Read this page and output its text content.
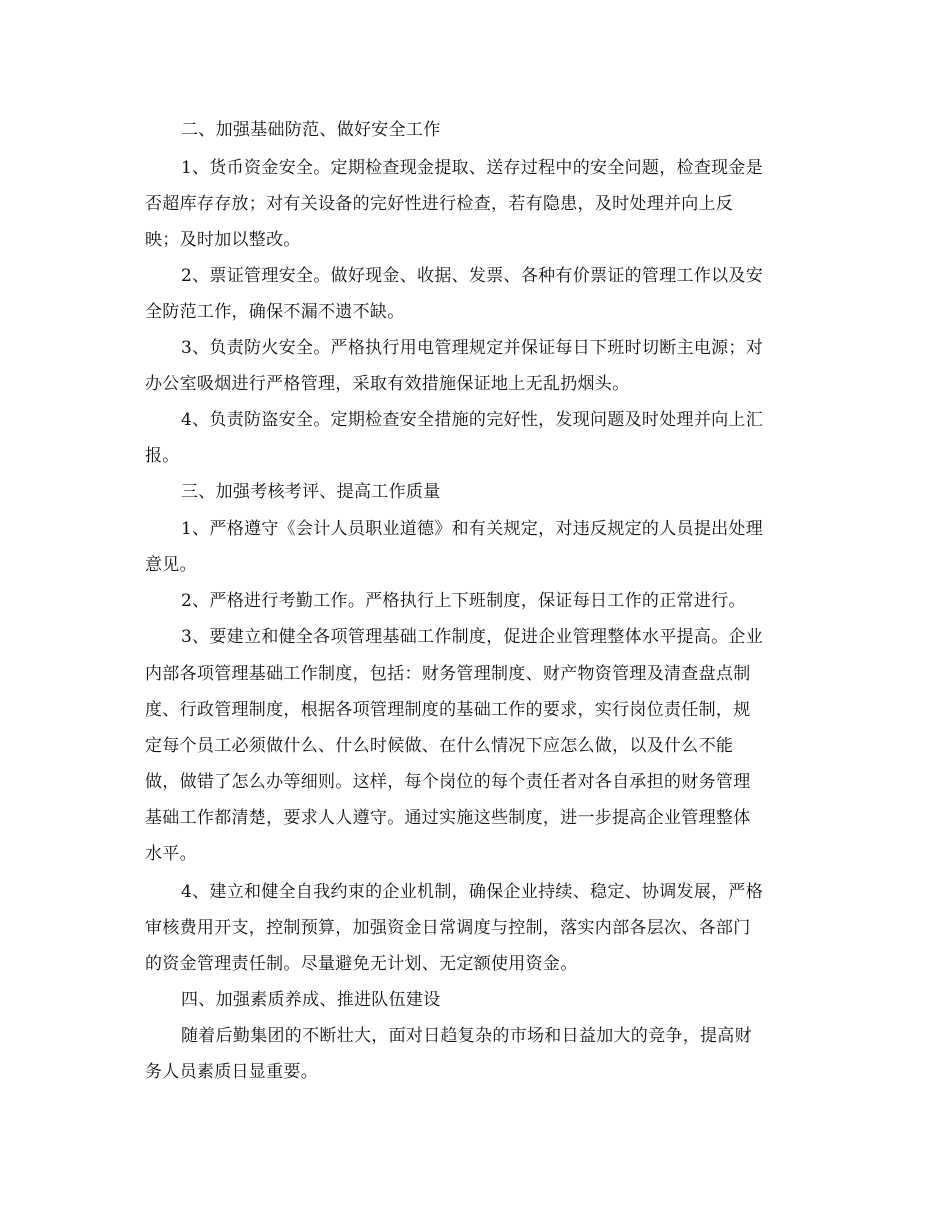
二、加强基础防范、做好安全工作
1、货币资金安全。定期检查现金提取、送存过程中的安全问题，检查现金是
否超库存存放；对有关设备的完好性进行检查，若有隐患，及时处理并向上反
映；及时加以整改。
2、票证管理安全。做好现金、收据、发票、各种有价票证的管理工作以及安
全防范工作，确保不漏不遗不缺。
3、负责防火安全。严格执行用电管理规定并保证每日下班时切断主电源；对
办公室吸烟进行严格管理，采取有效措施保证地上无乱扔烟头。
4、负责防盗安全。定期检查安全措施的完好性，发现问题及时处理并向上汇
报。
三、加强考核考评、提高工作质量
1、严格遵守《会计人员职业道德》和有关规定，对违反规定的人员提出处理
意见。
2、严格进行考勤工作。严格执行上下班制度，保证每日工作的正常进行。
3、要建立和健全各项管理基础工作制度，促进企业管理整体水平提高。企业
内部各项管理基础工作制度，包括：财务管理制度、财产物资管理及清查盘点制
度、行政管理制度，根据各项管理制度的基础工作的要求，实行岗位责任制，规
定每个员工必须做什么、什么时候做、在什么情况下应怎么做，以及什么不能
做，做错了怎么办等细则。这样，每个岗位的每个责任者对各自承担的财务管理
基础工作都清楚，要求人人遵守。通过实施这些制度，进一步提高企业管理整体
水平。
4、建立和健全自我约束的企业机制，确保企业持续、稳定、协调发展，严格
审核费用开支，控制预算，加强资金日常调度与控制，落实内部各层次、各部门
的资金管理责任制。尽量避免无计划、无定额使用资金。
四、加强素质养成、推进队伍建设
随着后勤集团的不断壮大，面对日趋复杂的市场和日益加大的竞争，提高财
务人员素质日显重要。
